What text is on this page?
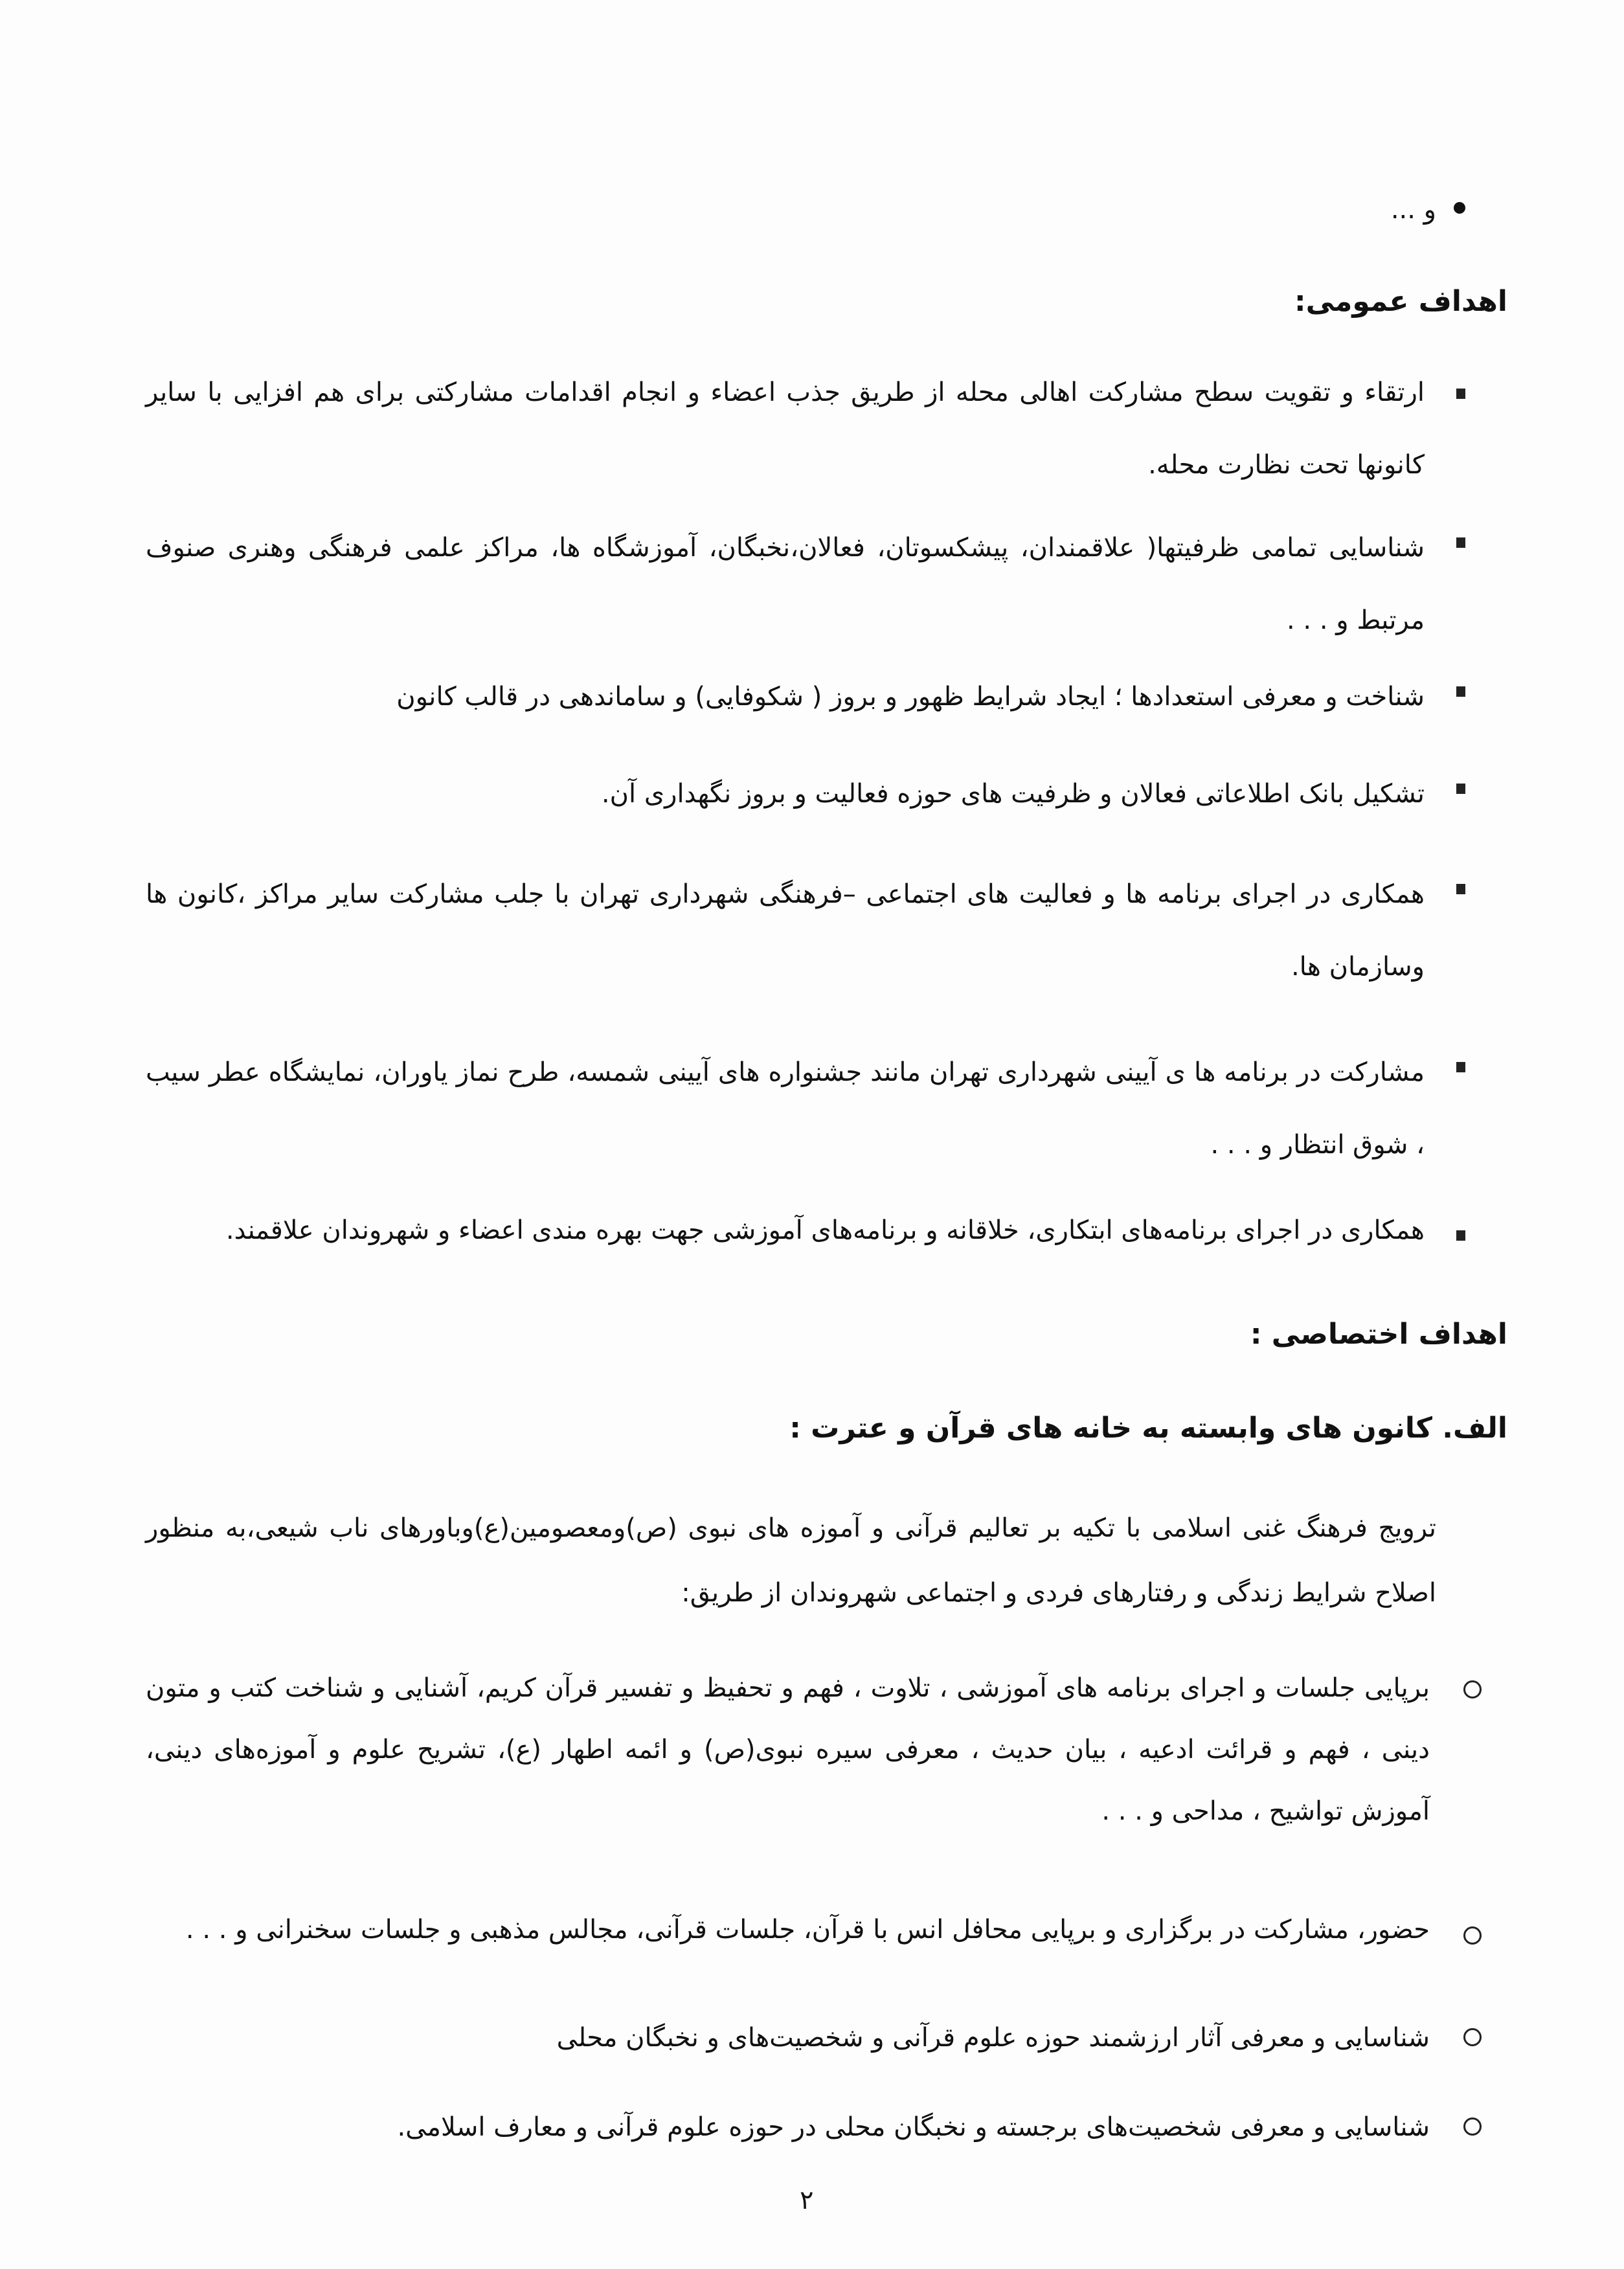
و ...
اهداف عمومی:
ارتقاء و تقویت سطح مشارکت اهالی محله از طریق جذب اعضاء و انجام اقدامات مشارکتی برای هم افزایی با سایر کانونها تحت نظارت محله.
شناسایی تمامی ظرفیتها( علاقمندان، پیشکسوتان، فعالان،نخبگان، آموزشگاه ها، مراکز علمی فرهنگی وهنری صنوف مرتبط و . . .
شناخت و معرفی استعدادها ؛ ایجاد شرایط ظهور و بروز ( شکوفایی) و ساماندهی در قالب کانون
تشکیل بانک اطلاعاتی فعالان و ظرفیت های حوزه فعالیت و بروز نگهداری آن.
همکاری در اجرای برنامه ها و فعالیت های اجتماعی –فرهنگی شهرداری تهران با جلب مشارکت سایر مراکز ،کانون ها وسازمان ها.
مشارکت در برنامه ها ی آیینی شهرداری تهران مانند جشنواره های آیینی شمسه، طرح نماز یاوران، نمایشگاه عطر سیب ، شوق انتظار و . . .
همکاری در اجرای برنامه‌های ابتکاری، خلاقانه و برنامه‌های آموزشی جهت بهره مندی اعضاء و شهروندان علاقمند.
اهداف اختصاصی :
الف. کانون های وابسته به خانه های قرآن و عترت :
ترویج فرهنگ غنی اسلامی با تکیه بر تعالیم قرآنی و آموزه های نبوی (ص)ومعصومین(ع)وباورهای ناب شیعی،به منظور اصلاح شرایط زندگی و رفتارهای فردی و اجتماعی شهروندان از طریق:
برپایی جلسات و اجرای برنامه های آموزشی ، تلاوت ، فهم و تحفیظ و تفسیر قرآن کریم، آشنایی و شناخت کتب و متون دینی ، فهم و قرائت ادعیه ، بیان حدیث ، معرفی سیره نبوی(ص) و ائمه اطهار (ع)، تشریح علوم و آموزه‌های دینی، آموزش تواشیح ، مداحی و . . .
حضور، مشارکت در برگزاری و برپایی محافل انس با قرآن، جلسات قرآنی، مجالس مذهبی و جلسات سخنرانی و . . .
شناسایی و معرفی آثار ارزشمند حوزه علوم قرآنی و شخصیت‌های و نخبگان محلی
شناسایی و معرفی شخصیت‌های برجسته و نخبگان محلی در حوزه علوم قرآنی و معارف اسلامی.
۲
